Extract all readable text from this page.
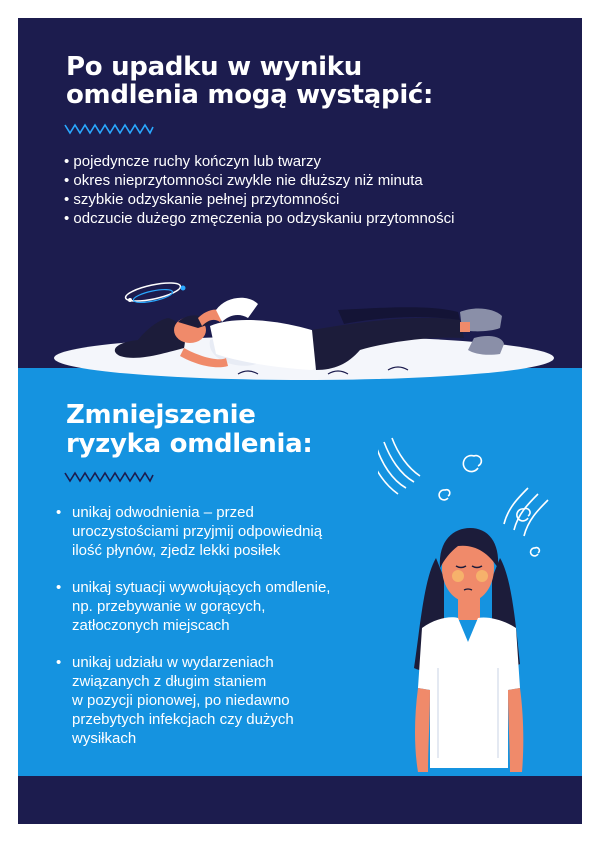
Po upadku w wyniku
omdlenia mogą wystąpić:
• pojedyncze ruchy kończyn lub twarzy
• okres nieprzytomności zwykle nie dłuższy niż minuta
• szybkie odzyskanie pełnej przytomności
• odczucie dużego zmęczenia po odzyskaniu przytomności
Zmniejszenie
ryzyka omdlenia:
• unikaj odwodnienia – przed
uroczystościami przyjmij odpowiednią
ilość płynów, zjedz lekki posiłek
• unikaj sytuacji wywołujących omdlenie,
np. przebywanie w gorących,
zatłoczonych miejscach
• unikaj udziału w wydarzeniach
związanych z długim staniem
w pozycji pionowej, po niedawno
przebytych infekcjach czy dużych
wysiłkach
